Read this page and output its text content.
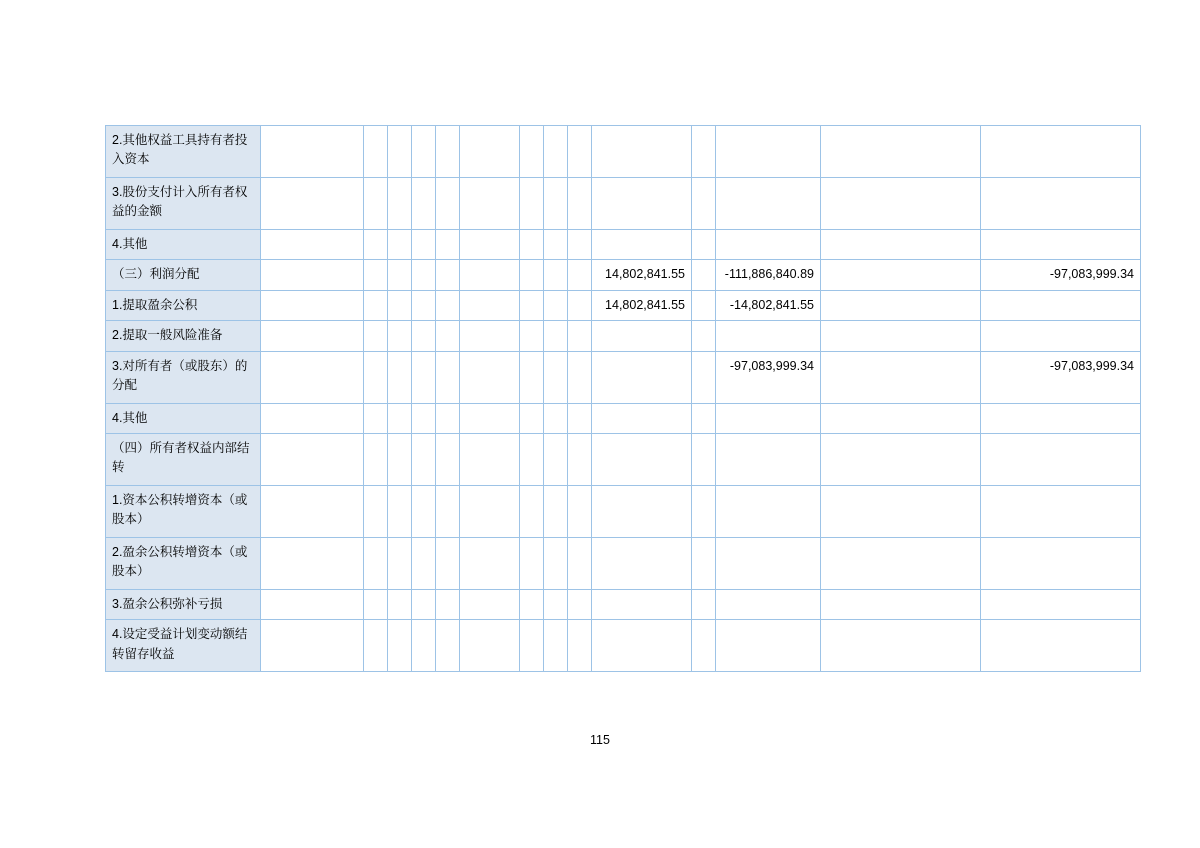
2.其他权益工具持有者投入资本														
3.股份支付计入所有者权益的金额														
4.其他														
（三）利润分配										14,802,841.55		-111,886,840.89		-97,083,999.34
1.提取盈余公积										14,802,841.55		-14,802,841.55		
2.提取一般风险准备														
3.对所有者（或股东）的分配												-97,083,999.34		-97,083,999.34
4.其他														
（四）所有者权益内部结转														
1.资本公积转增资本（或股本）														
2.盈余公积转增资本（或股本）														
3.盈余公积弥补亏损														
4.设定受益计划变动额结转留存收益														
115
